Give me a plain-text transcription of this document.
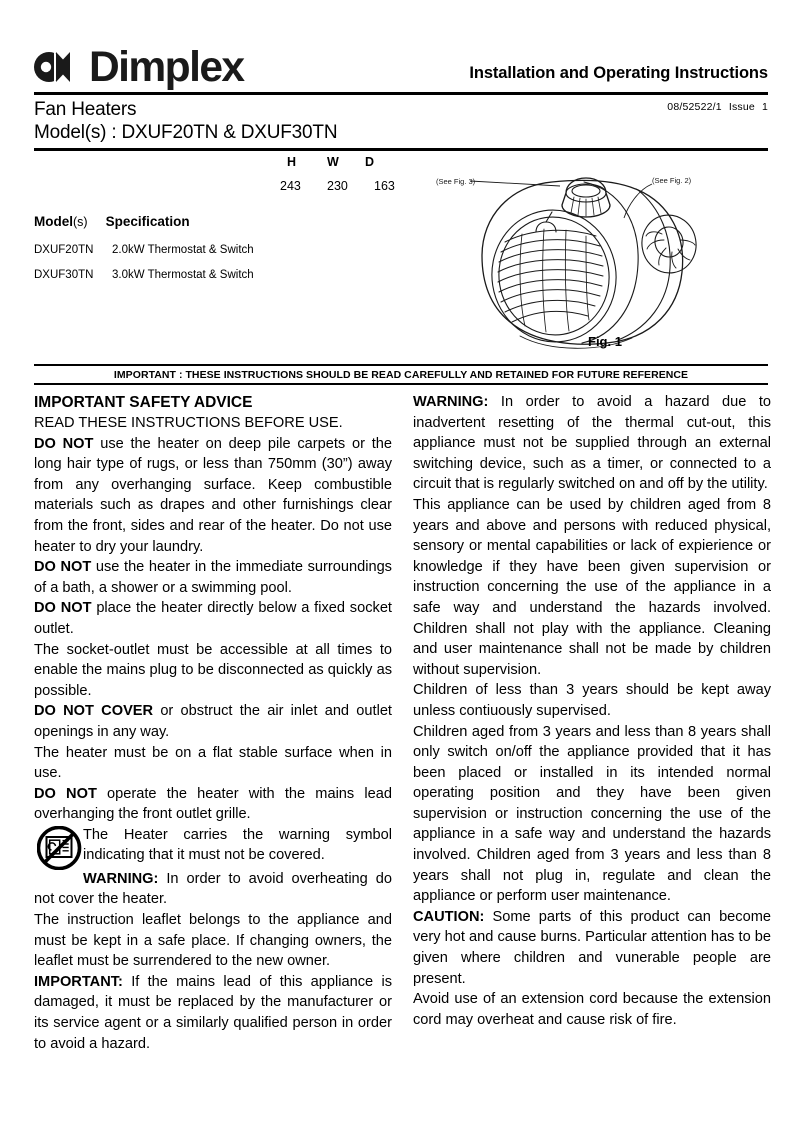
Dimplex	Installation and Operating Instructions
Fan Heaters
Model(s) : DXUF20TN & DXUF30TN
08/52522/1 Issue 1
H W D
243 230 163
Model(s) Specification
DXUF20TN 2.0kW Thermostat & Switch
DXUF30TN 3.0kW Thermostat & Switch
(See Fig. 3)	(See Fig. 2)
Fig. 1
IMPORTANT : THESE INSTRUCTIONS SHOULD BE READ CAREFULLY AND RETAINED FOR FUTURE REFERENCE

IMPORTANT SAFETY ADVICE

READ THESE INSTRUCTIONS BEFORE USE.

DO NOT use the heater on deep pile carpets or the long hair type of rugs, or less than 750mm (30”) away from any overhanging surface. Keep combustible materials such as drapes and other furnishings clear from the front, sides and rear of the heater. Do not use heater to dry your laundry.

DO NOT use the heater in the immediate surroundings of a bath, a shower or a swimming pool.

DO NOT place the heater directly below a fixed socket outlet.

The socket-outlet must be accessible at all times to enable the mains plug to be disconnected as quickly as possible.

DO NOT COVER or obstruct the air inlet and outlet openings in any way.

The heater must be on a flat stable surface when in use.

DO NOT operate the heater with the mains lead overhanging the front outlet grille.

The Heater carries the warning symbol indicating that it must not be covered.

WARNING: In order to avoid overheating do not cover the heater.

The instruction leaflet belongs to the appliance and must be kept in a safe place. If changing owners, the leaflet must be surrendered to the new owner.

IMPORTANT: If the mains lead of this appliance is damaged, it must be replaced by the manufacturer or its service agent or a similarly qualified person in order to avoid a hazard.

WARNING: In order to avoid a hazard due to inadvertent resetting of the thermal cut-out, this appliance must not be supplied through an external switching device, such as a timer, or connected to a circuit that is regularly switched on and off by the utility.

This appliance can be used by children aged from 8 years and above and persons with reduced physical, sensory or mental capabilities or lack of expierience or knowledge if they have been given supervision or instruction concerning the use of the appliance in a safe way and understand the hazards involved. Children shall not play with the appliance. Cleaning and user maintenance shall not be made by children without supervision.

Children of less than 3 years should be kept away unless contiuously supervised.

Children aged from 3 years and less than 8 years shall only switch on/off the appliance provided that it has been placed or installed in its intended normal operating position and they have been given supervision or instruction concerning the use of the appliance in a safe way and understand the hazards involved. Children aged from 3 years and less than 8 years shall not plug in, regulate and clean the appliance or perform user maintenance.

CAUTION: Some parts of this product can become very hot and cause burns. Particular attention has to be given where children and vunerable people are present.

Avoid use of an extension cord because the extension cord may overheat and cause risk of fire.
